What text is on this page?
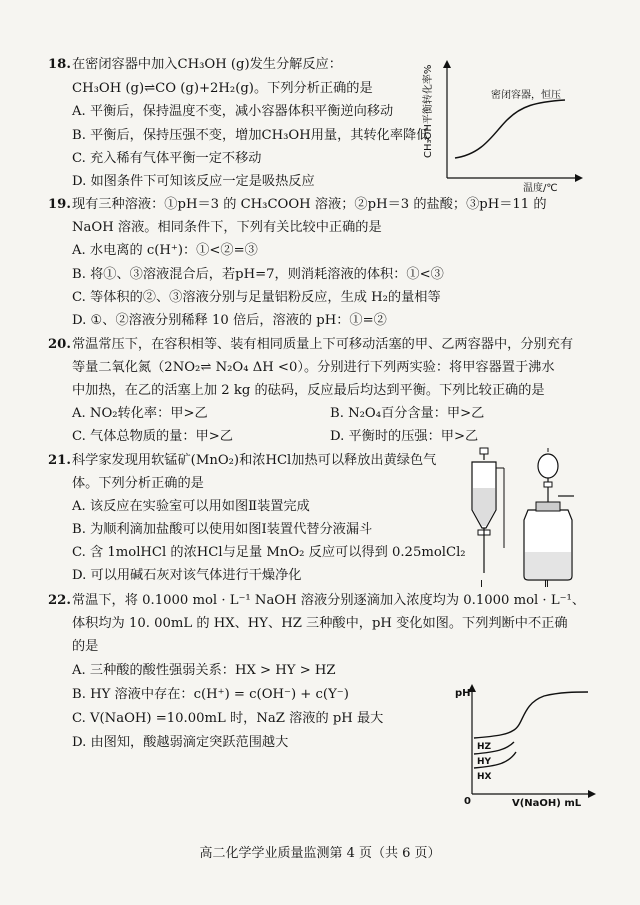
18. 在密闭容器中加入CH₃OH (g)发生分解反应：
CH₃OH (g)⇌CO (g)+2H₂(g)。下列分析正确的是
A. 平衡后，保持温度不变，减小容器体积平衡逆向移动
B. 平衡后，保持压强不变，增加CH₃OH用量，其转化率降低
C. 充入稀有气体平衡一定不移动
D. 如图条件下可知该反应一定是吸热反应
CH₃OH平衡转化率%
温度/℃
密闭容器，恒压
19. 现有三种溶液：①pH＝3 的 CH₃COOH 溶液；②pH＝3 的盐酸；③pH＝11 的
NaOH 溶液。相同条件下，下列有关比较中正确的是
A. 水电离的 c(H⁺)：①<②=③
B. 将①、③溶液混合后，若pH=7，则消耗溶液的体积：①<③
C. 等体积的②、③溶液分别与足量铝粉反应，生成 H₂的量相等
D. ①、②溶液分别稀释 10 倍后，溶液的 pH：①=②
20. 常温常压下，在容积相等、装有相同质量上下可移动活塞的甲、乙两容器中，分别充有
等量二氧化氮（2NO₂⇌ N₂O₄ ΔH <0）。分别进行下列两实验：将甲容器置于沸水
中加热，在乙的活塞上加 2 kg 的砝码，反应最后均达到平衡。下列比较正确的是
A. NO₂转化率：甲>乙	B. N₂O₄百分含量：甲>乙
C. 气体总物质的量：甲>乙	D. 平衡时的压强：甲>乙
21. 科学家发现用软锰矿(MnO₂)和浓HCl加热可以释放出黄绿色气
体。下列分析正确的是
A. 该反应在实验室可以用如图Ⅱ装置完成
B. 为顺利滴加盐酸可以使用如图Ⅰ装置代替分液漏斗
C. 含 1molHCl 的浓HCl与足量 MnO₂ 反应可以得到 0.25molCl₂
D. 可以用碱石灰对该气体进行干燥净化
Ⅰ	Ⅱ
22. 常温下，将 0.1000 mol · L⁻¹ NaOH 溶液分别逐滴加入浓度均为 0.1000 mol · L⁻¹、
体积均为 10. 00mL 的 HX、HY、HZ 三种酸中，pH 变化如图。下列判断中不正确
的是
A. 三种酸的酸性强弱关系：HX > HY > HZ
B. HY 溶液中存在：c(H⁺) = c(OH⁻) + c(Y⁻)
C. V(NaOH) =10.00mL 时，NaZ 溶液的 pH 最大
D. 由图知，酸越弱滴定突跃范围越大
pH
0	V(NaOH) mL
HZ
HY
HX
高二化学学业质量监测第 4 页（共 6 页）
